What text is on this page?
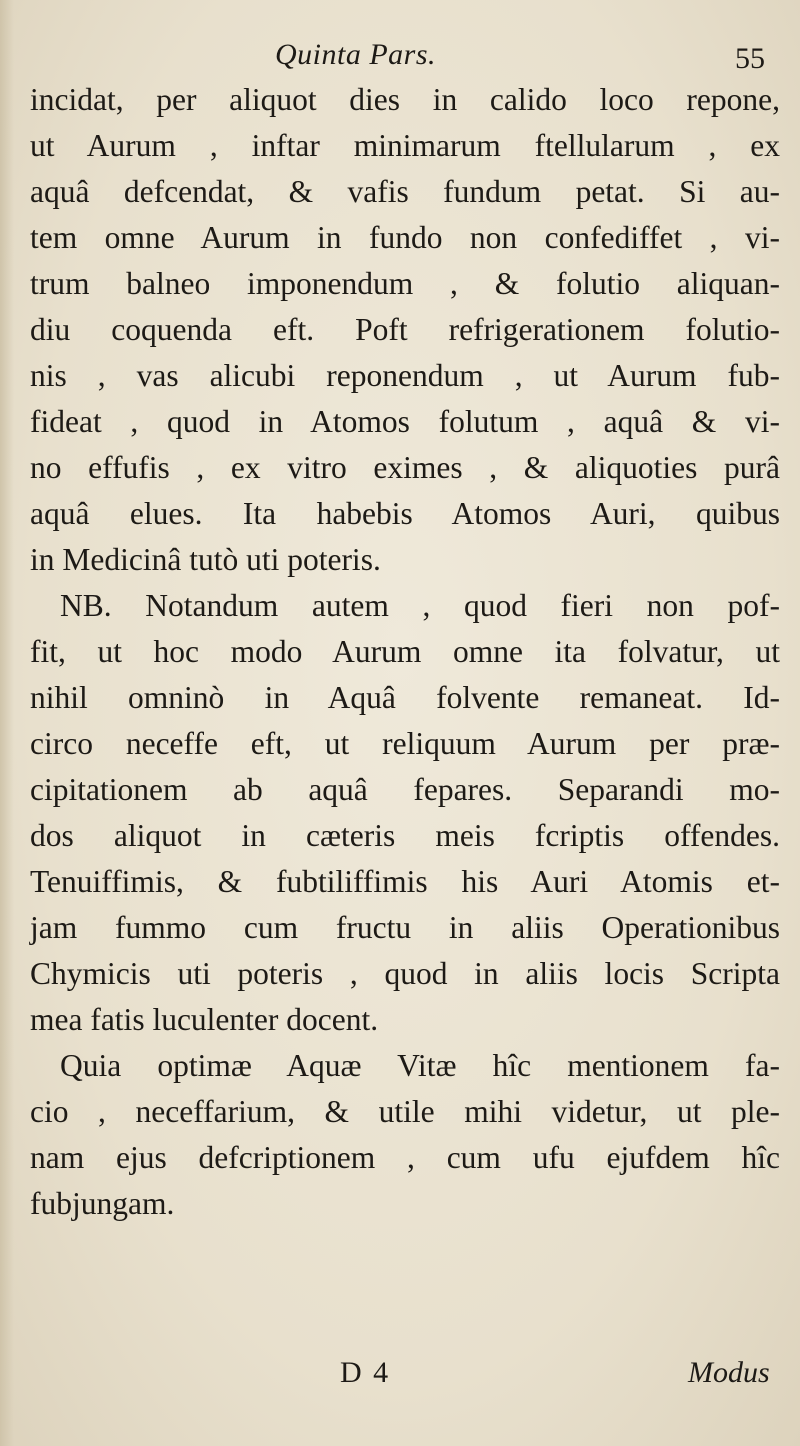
Quinta Pars.	55
incidat, per aliquot dies in calido loco repone,
ut Aurum , inftar minimarum ftellularum , ex
aquâ defcendat, & vafis fundum petat. Si au-
tem omne Aurum in fundo non confediffet , vi-
trum balneo imponendum , & folutio aliquan-
diu coquenda eft. Poft refrigerationem folutio-
nis , vas alicubi reponendum , ut Aurum fub-
fideat , quod in Atomos folutum , aquâ & vi-
no effufis , ex vitro eximes , & aliquoties purâ
aquâ elues. Ita habebis Atomos Auri, quibus
in Medicinâ tutò uti poteris.
NB. Notandum autem , quod fieri non pof-
fit, ut hoc modo Aurum omne ita folvatur, ut
nihil omninò in Aquâ folvente remaneat. Id-
circo neceffe eft, ut reliquum Aurum per præ-
cipitationem ab aquâ fepares. Separandi mo-
dos aliquot in cæteris meis fcriptis offendes.
Tenuiffimis, & fubtiliffimis his Auri Atomis et-
jam fummo cum fructu in aliis Operationibus
Chymicis uti poteris , quod in aliis locis Scripta
mea fatis luculenter docent.
Quia optimæ Aquæ Vitæ hîc mentionem fa-
cio , neceffarium, & utile mihi videtur, ut ple-
nam ejus defcriptionem , cum ufu ejufdem hîc
fubjungam.
D 4	Modus
